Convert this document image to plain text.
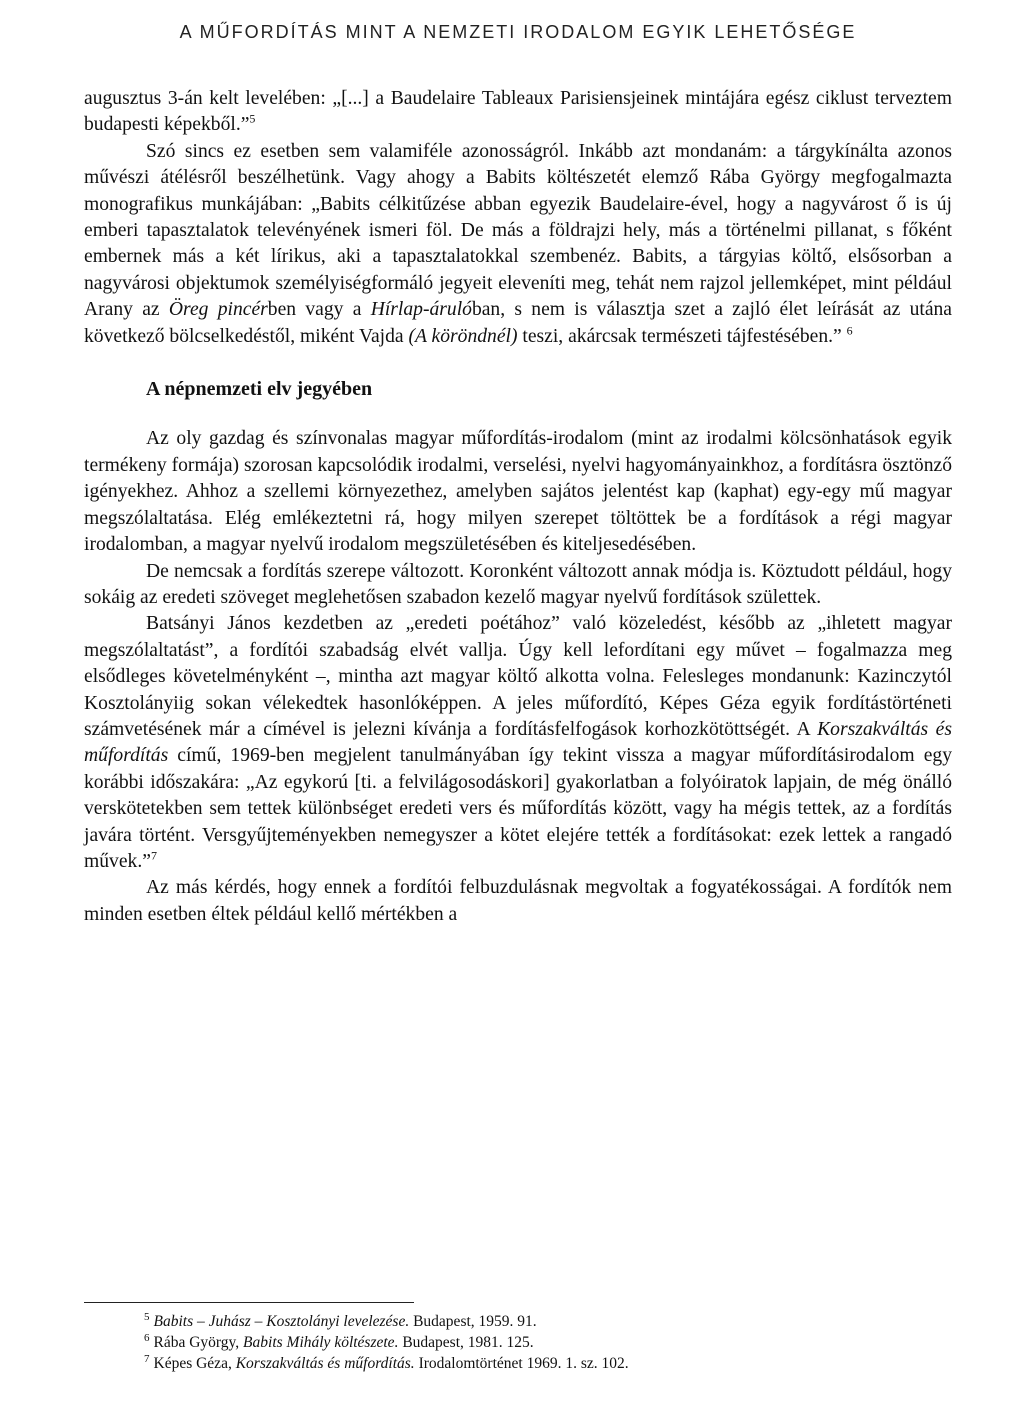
A MŰFORDÍTÁS MINT A NEMZETI IRODALOM EGYIK LEHETŐSÉGE

augusztus 3-án kelt levelében: „[...] a Baudelaire Tableaux Parisiensjeinek mintájára egész ciklust terveztem budapesti képekből.”$^5$

Szó sincs ez esetben sem valamiféle azonosságról. Inkább azt mondanám: a tárgykínálta azonos művészi átélésről beszélhetünk. Vagy ahogy a Babits költészetét elemző Rába György megfogalmazta monografikus munkájában: „Babits célkitűzése abban egyezik Baudelaire-ével, hogy a nagyvárost ő is új emberi tapasztalatok televényének ismeri föl. De más a földrajzi hely, más a történelmi pillanat, s főként embernek más a két lírikus, aki a tapasztalatokkal szembenéz. Babits, a tárgyias költő, elsősorban a nagyvárosi objektumok személyiségformáló jegyeit eleveníti meg, tehát nem rajzol jellemképet, mint például Arany az Öreg pincérben vagy a Hírlap-árulóban, s nem is választja szet a zajló élet leírását az utána következő bölcselkedéstől, miként Vajda (A köröndnél) teszi, akárcsak természeti tájfestésében.” $^6$

A népnemzeti elv jegyében

Az oly gazdag és színvonalas magyar műfordítás-irodalom (mint az irodalmi kölcsönhatások egyik termékeny formája) szorosan kapcsolódik irodalmi, verselési, nyelvi hagyományainkhoz, a fordításra ösztönző igényekhez. Ahhoz a szellemi környezethez, amelyben sajátos jelentést kap (kaphat) egy-egy mű magyar megszólaltatása. Elég emlékeztetni rá, hogy milyen szerepet töltöttek be a fordítások a régi magyar irodalomban, a magyar nyelvű irodalom megszületésében és kiteljesedésében.

De nemcsak a fordítás szerepe változott. Koronként változott annak módja is. Köztudott például, hogy sokáig az eredeti szöveget meglehetősen szabadon kezelő magyar nyelvű fordítások születtek.

Batsányi János kezdetben az „eredeti poétához” való közeledést, később az „ihletett magyar megszólaltatást”, a fordítói szabadság elvét vallja. Úgy kell lefordítani egy művet – fogalmazza meg elsődleges követelményként –, mintha azt magyar költő alkotta volna. Felesleges mondanunk: Kazinczytól Kosztolányiig sokan vélekedtek hasonlóképpen. A jeles műfordító, Képes Géza egyik fordítástörténeti számvetésének már a címével is jelezni kívánja a fordításfelfogások korhozkötöttségét. A Korszakváltás és műfordítás című, 1969-ben megjelent tanulmányában így tekint vissza a magyar műfordításirodalom egy korábbi időszakára: „Az egykorú [ti. a felvilágosodáskori] gyakorlatban a folyóiratok lapjain, de még önálló verskötetekben sem tettek különbséget eredeti vers és műfordítás között, vagy ha mégis tettek, az a fordítás javára történt. Versgyűjteményekben nemegyszer a kötet elejére tették a fordításokat: ezek lettek a rangadó művek.”$^7$

Az más kérdés, hogy ennek a fordítói felbuzdulásnak megvoltak a fogyatékosságai. A fordítók nem minden esetben éltek például kellő mértékben a

$^5$ Babits – Juhász – Kosztolányi levelezése. Budapest, 1959. 91.
$^6$ Rába György, Babits Mihály költészete. Budapest, 1981. 125.
$^7$ Képes Géza, Korszakváltás és műfordítás. Irodalomtörténet 1969. 1. sz. 102.
